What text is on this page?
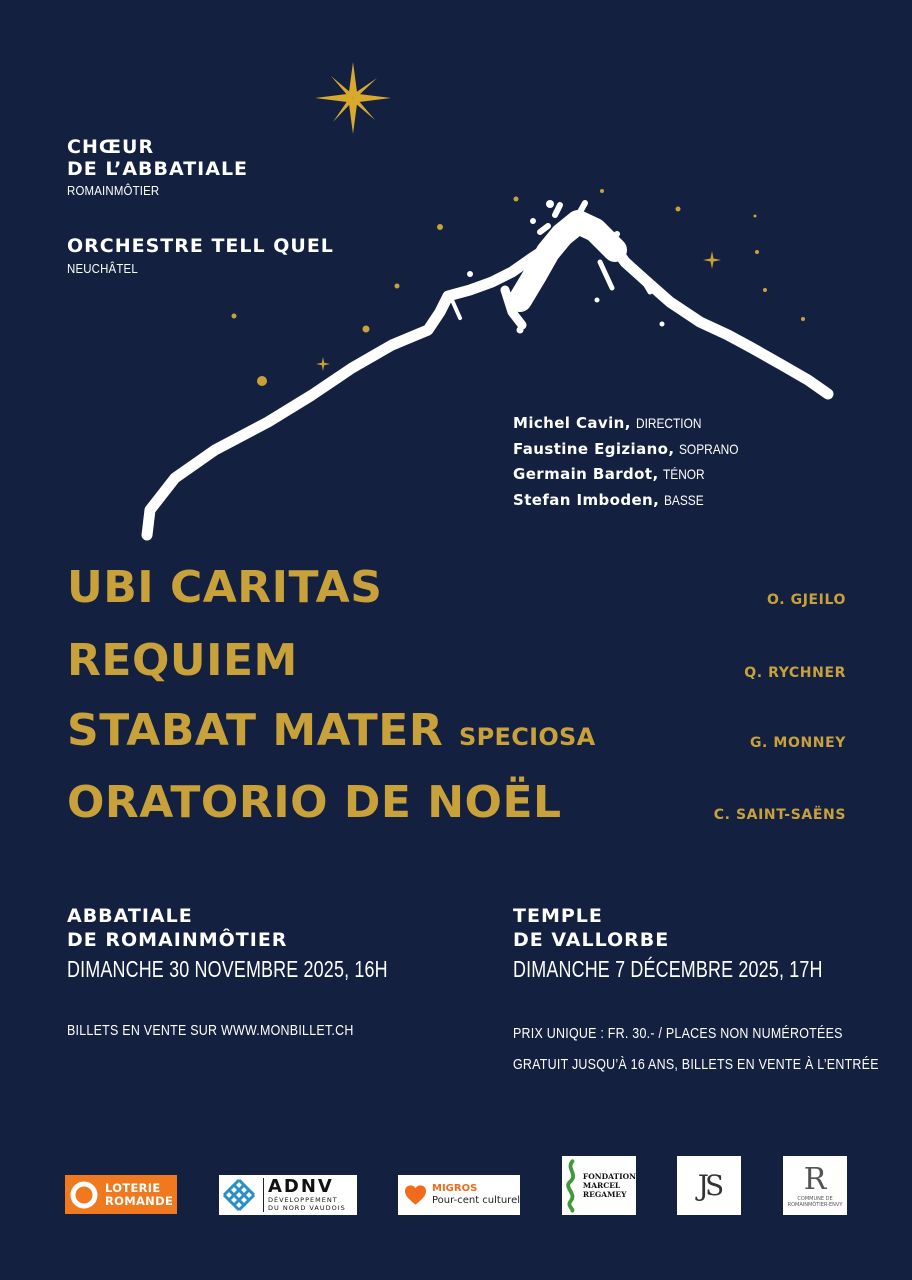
CHŒUR
DE L’ABBATIALE
ROMAINMÔTIER
ORCHESTRE TELL QUEL
NEUCHÂTEL
Michel Cavin, DIRECTION
Faustine Egiziano, SOPRANO
Germain Bardot, TÉNOR
Stefan Imboden, BASSE
UBI CARITAS	O. GJEILO
REQUIEM	Q. RYCHNER
STABAT MATER SPECIOSA	G. MONNEY
ORATORIO DE NOËL	C. SAINT-SAËNS
ABBATIALE
DE ROMAINMÔTIER
DIMANCHE 30 NOVEMBRE 2025, 16H
TEMPLE
DE VALLORBE
DIMANCHE 7 DÉCEMBRE 2025, 17H
BILLETS EN VENTE SUR WWW.MONBILLET.CH	PRIX UNIQUE : FR. 30.- / PLACES NON NUMÉROTÉES
GRATUIT JUSQU’À 16 ANS, BILLETS EN VENTE À L’ENTRÉE
LOTERIE
ROMANDE
ADNV
DÉVELOPPEMENT
DU NORD VAUDOIS
MIGROS
Pour-cent culturel
FONDATION
MARCEL
REGAMEY	JS	R
COMMUNE DE
ROMAINMÔTIER-ENVY
